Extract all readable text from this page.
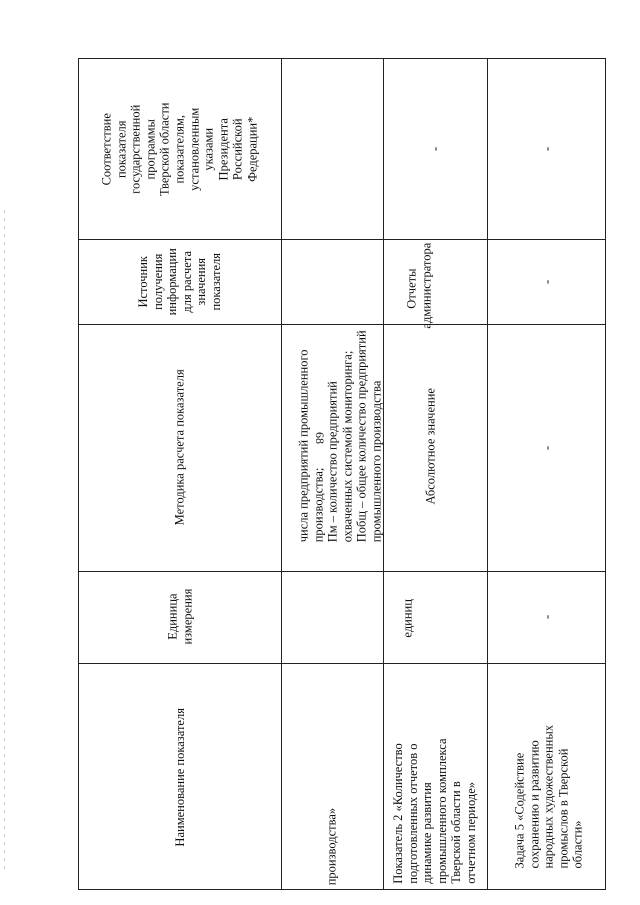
68
Соответствие показателя государственной программы Тверской области показателям, установленным указами Президента Российской Федерации*
Источник получения информации для расчета значения показателя
Методика расчета показателя
Единица измерения
Наименование показателя
числа предприятий промышленного производства; Пм – количество предприятий охваченных системой мониторинга; Побщ – общее количество предприятий промышленного производства
производства»
-
Отчеты администратора
Абсолютное значение
единиц
Показатель 2 «Количество подготовленных отчетов о динамике развития промышленного комплекса Тверской области в отчетном периоде»
-
-
-
-
Задача 5 «Содействие сохранению и развитию народных художественных промыслов в Тверской области»
